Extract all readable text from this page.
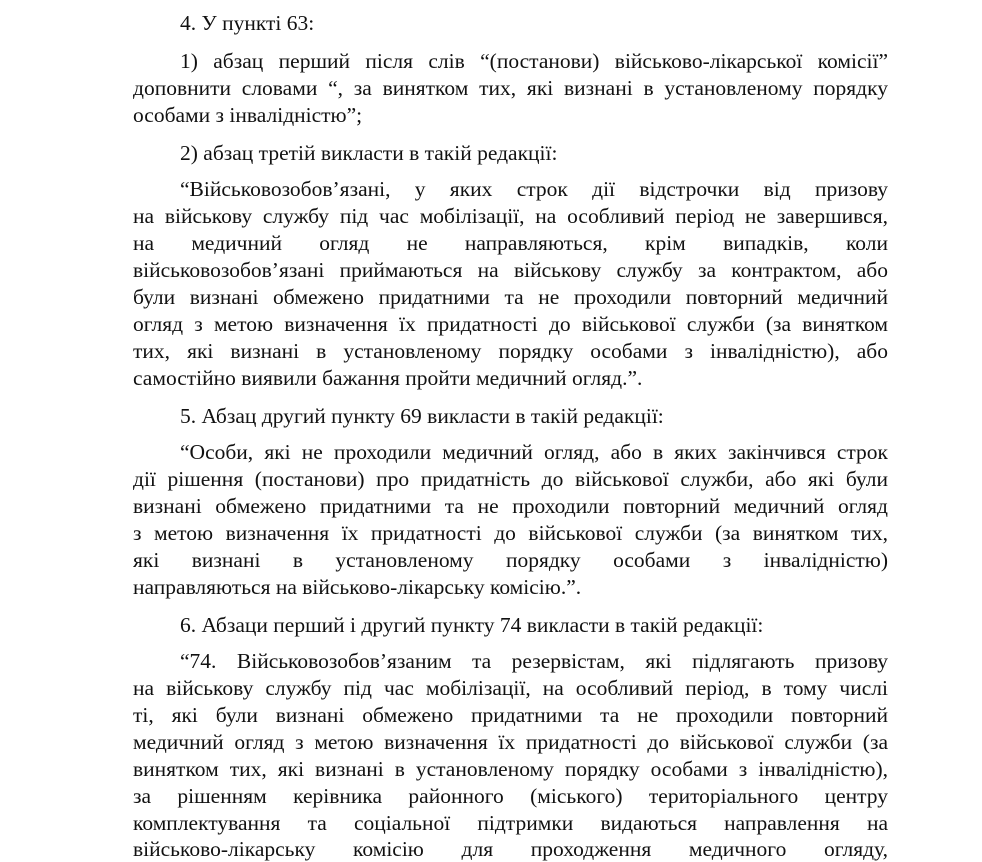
4. У пункті 63:
1) абзац перший після слів “(постанови) військово-лікарської комісії”
доповнити словами “, за винятком тих, які визнані в установленому порядку
особами з інвалідністю”;
2) абзац третій викласти в такій редакції:
“Військовозобов’язані, у яких строк дії відстрочки від призову
на військову службу під час мобілізації, на особливий період не завершився,
на медичний огляд не направляються, крім випадків, коли
військовозобов’язані приймаються на військову службу за контрактом, або
були визнані обмежено придатними та не проходили повторний медичний
огляд з метою визначення їх придатності до військової служби (за винятком
тих, які визнані в установленому порядку особами з інвалідністю), або
самостійно виявили бажання пройти медичний огляд.”.
5. Абзац другий пункту 69 викласти в такій редакції:
“Особи, які не проходили медичний огляд, або в яких закінчився строк
дії рішення (постанови) про придатність до військової служби, або які були
визнані обмежено придатними та не проходили повторний медичний огляд
з метою визначення їх придатності до військової служби (за винятком тих,
які визнані в установленому порядку особами з інвалідністю)
направляються на військово-лікарську комісію.”.
6. Абзаци перший і другий пункту 74 викласти в такій редакції:
“74. Військовозобов’язаним та резервістам, які підлягають призову
на військову службу під час мобілізації, на особливий період, в тому числі
ті, які були визнані обмежено придатними та не проходили повторний
медичний огляд з метою визначення їх придатності до військової служби (за
винятком тих, які визнані в установленому порядку особами з інвалідністю),
за рішенням керівника районного (міського) територіального центру
комплектування та соціальної підтримки видаються направлення на
військово-лікарську комісію для проходження медичного огляду,
